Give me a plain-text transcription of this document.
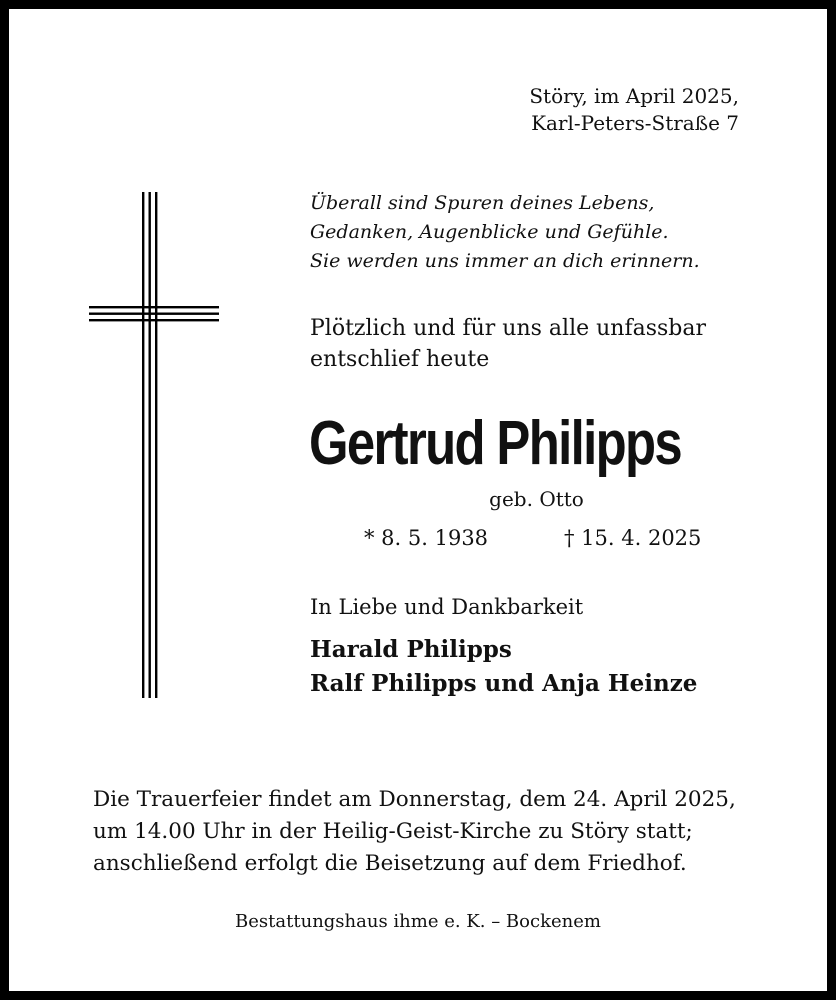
Störy, im April 2025,
Karl-Peters-Straße 7
Überall sind Spuren deines Lebens,
Gedanken, Augenblicke und Gefühle.
Sie werden uns immer an dich erinnern.
Plötzlich und für uns alle unfassbar
entschlief heute
Gertrud Philipps
geb. Otto
* 8. 5. 1938	† 15. 4. 2025
In Liebe und Dankbarkeit
Harald Philipps
Ralf Philipps und Anja Heinze
Die Trauerfeier findet am Donnerstag, dem 24. April 2025,
um 14.00 Uhr in der Heilig-Geist-Kirche zu Störy statt;
anschließend erfolgt die Beisetzung auf dem Friedhof.
Bestattungshaus ihme e. K. – Bockenem
